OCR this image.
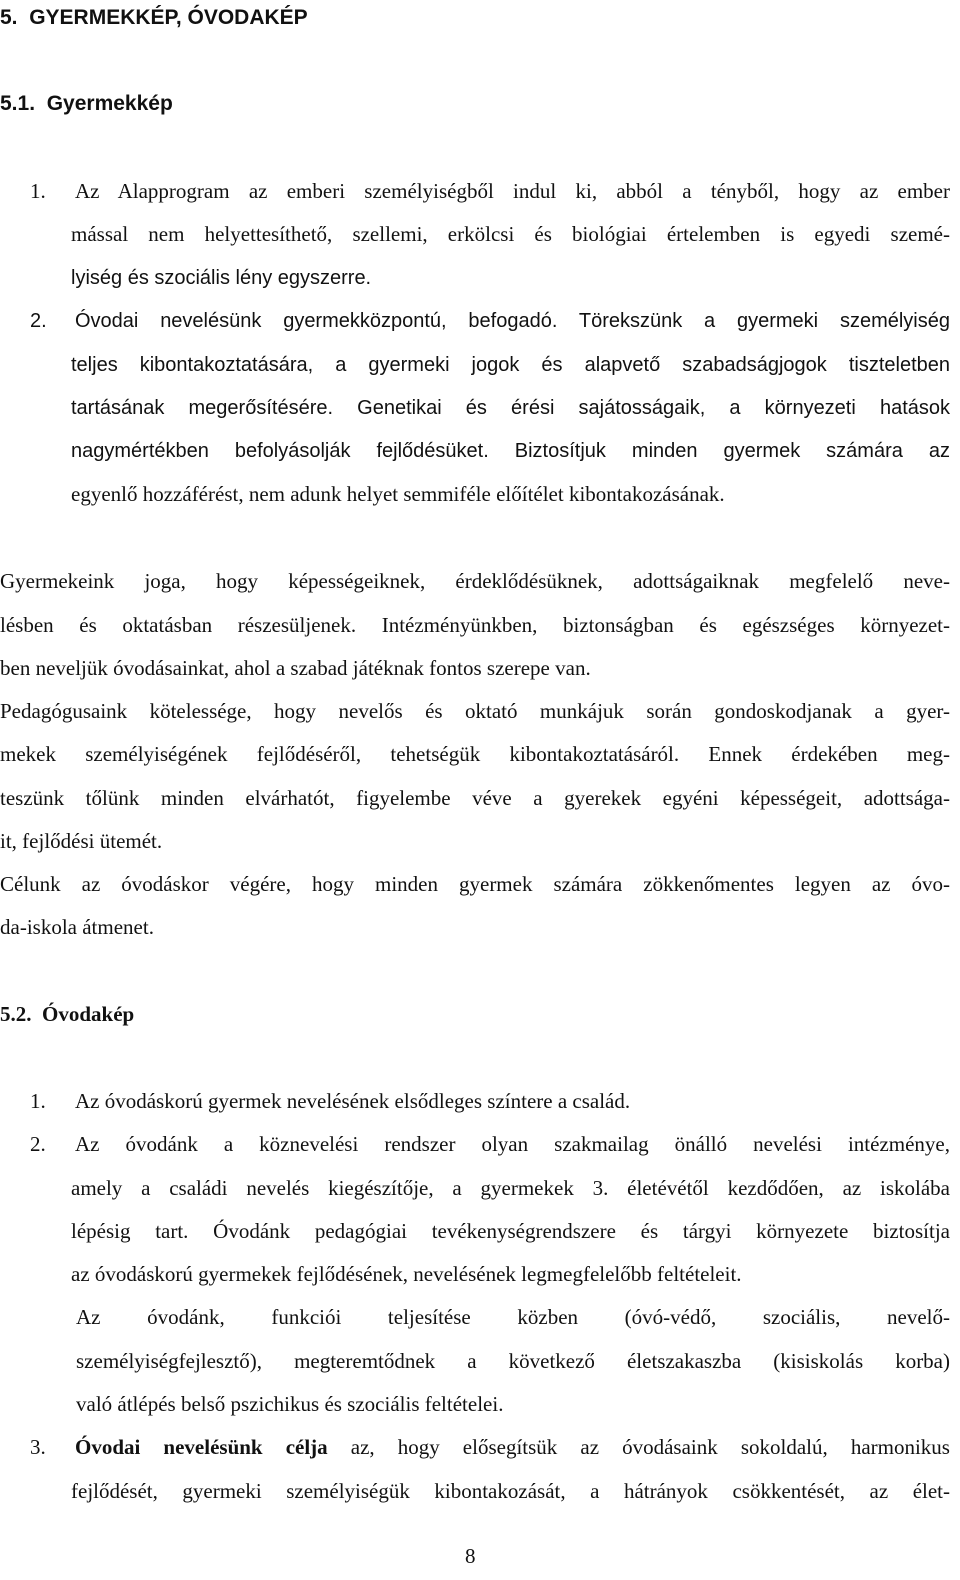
5. GYERMEKKÉP, ÓVODAKÉP
5.1. Gyermekkép
1. Az Alapprogram az emberi személyiségből indul ki, abból a tényből, hogy az ember
mással nem helyettesíthető, szellemi, erkölcsi és biológiai értelemben is egyedi szemé-
lyiség és szociális lény egyszerre.
2. Óvodai nevelésünk gyermekközpontú, befogadó. Törekszünk a gyermeki személyiség
teljes kibontakoztatására, a gyermeki jogok és alapvető szabadságjogok tiszteletben
tartásának megerősítésére. Genetikai és érési sajátosságaik, a környezeti hatások
nagymértékben befolyásolják fejlődésüket. Biztosítjuk minden gyermek számára az
egyenlő hozzáférést, nem adunk helyet semmiféle előítélet kibontakozásának.
Gyermekeink joga, hogy képességeiknek, érdeklődésüknek, adottságaiknak megfelelő neve-
lésben és oktatásban részesüljenek. Intézményünkben, biztonságban és egészséges környezet-
ben neveljük óvodásainkat, ahol a szabad játéknak fontos szerepe van.
Pedagógusaink kötelessége, hogy nevelős és oktató munkájuk során gondoskodjanak a gyer-
mekek személyiségének fejlődéséről, tehetségük kibontakoztatásáról. Ennek érdekében meg-
teszünk tőlünk minden elvárhatót, figyelembe véve a gyerekek egyéni képességeit, adottsága-
it, fejlődési ütemét.
Célunk az óvodáskor végére, hogy minden gyermek számára zökkenőmentes legyen az óvo-
da-iskola átmenet.
5.2. Óvodakép
1. Az óvodáskorú gyermek nevelésének elsődleges színtere a család.
2. Az óvodánk a köznevelési rendszer olyan szakmailag önálló nevelési intézménye,
amely a családi nevelés kiegészítője, a gyermekek 3. életévétől kezdődően, az iskolába
lépésig tart. Óvodánk pedagógiai tevékenységrendszere és tárgyi környezete biztosítja
az óvodáskorú gyermekek fejlődésének, nevelésének legmegfelelőbb feltételeit.
Az óvodánk, funkciói teljesítése közben (óvó-védő, szociális, nevelő-
személyiségfejlesztő), megteremtődnek a következő életszakaszba (kisiskolás korba)
való átlépés belső pszichikus és szociális feltételei.
3. Óvodai nevelésünk célja az, hogy elősegítsük az óvodásaink sokoldalú, harmonikus
fejlődését, gyermeki személyiségük kibontakozását, a hátrányok csökkentését, az élet-
8
